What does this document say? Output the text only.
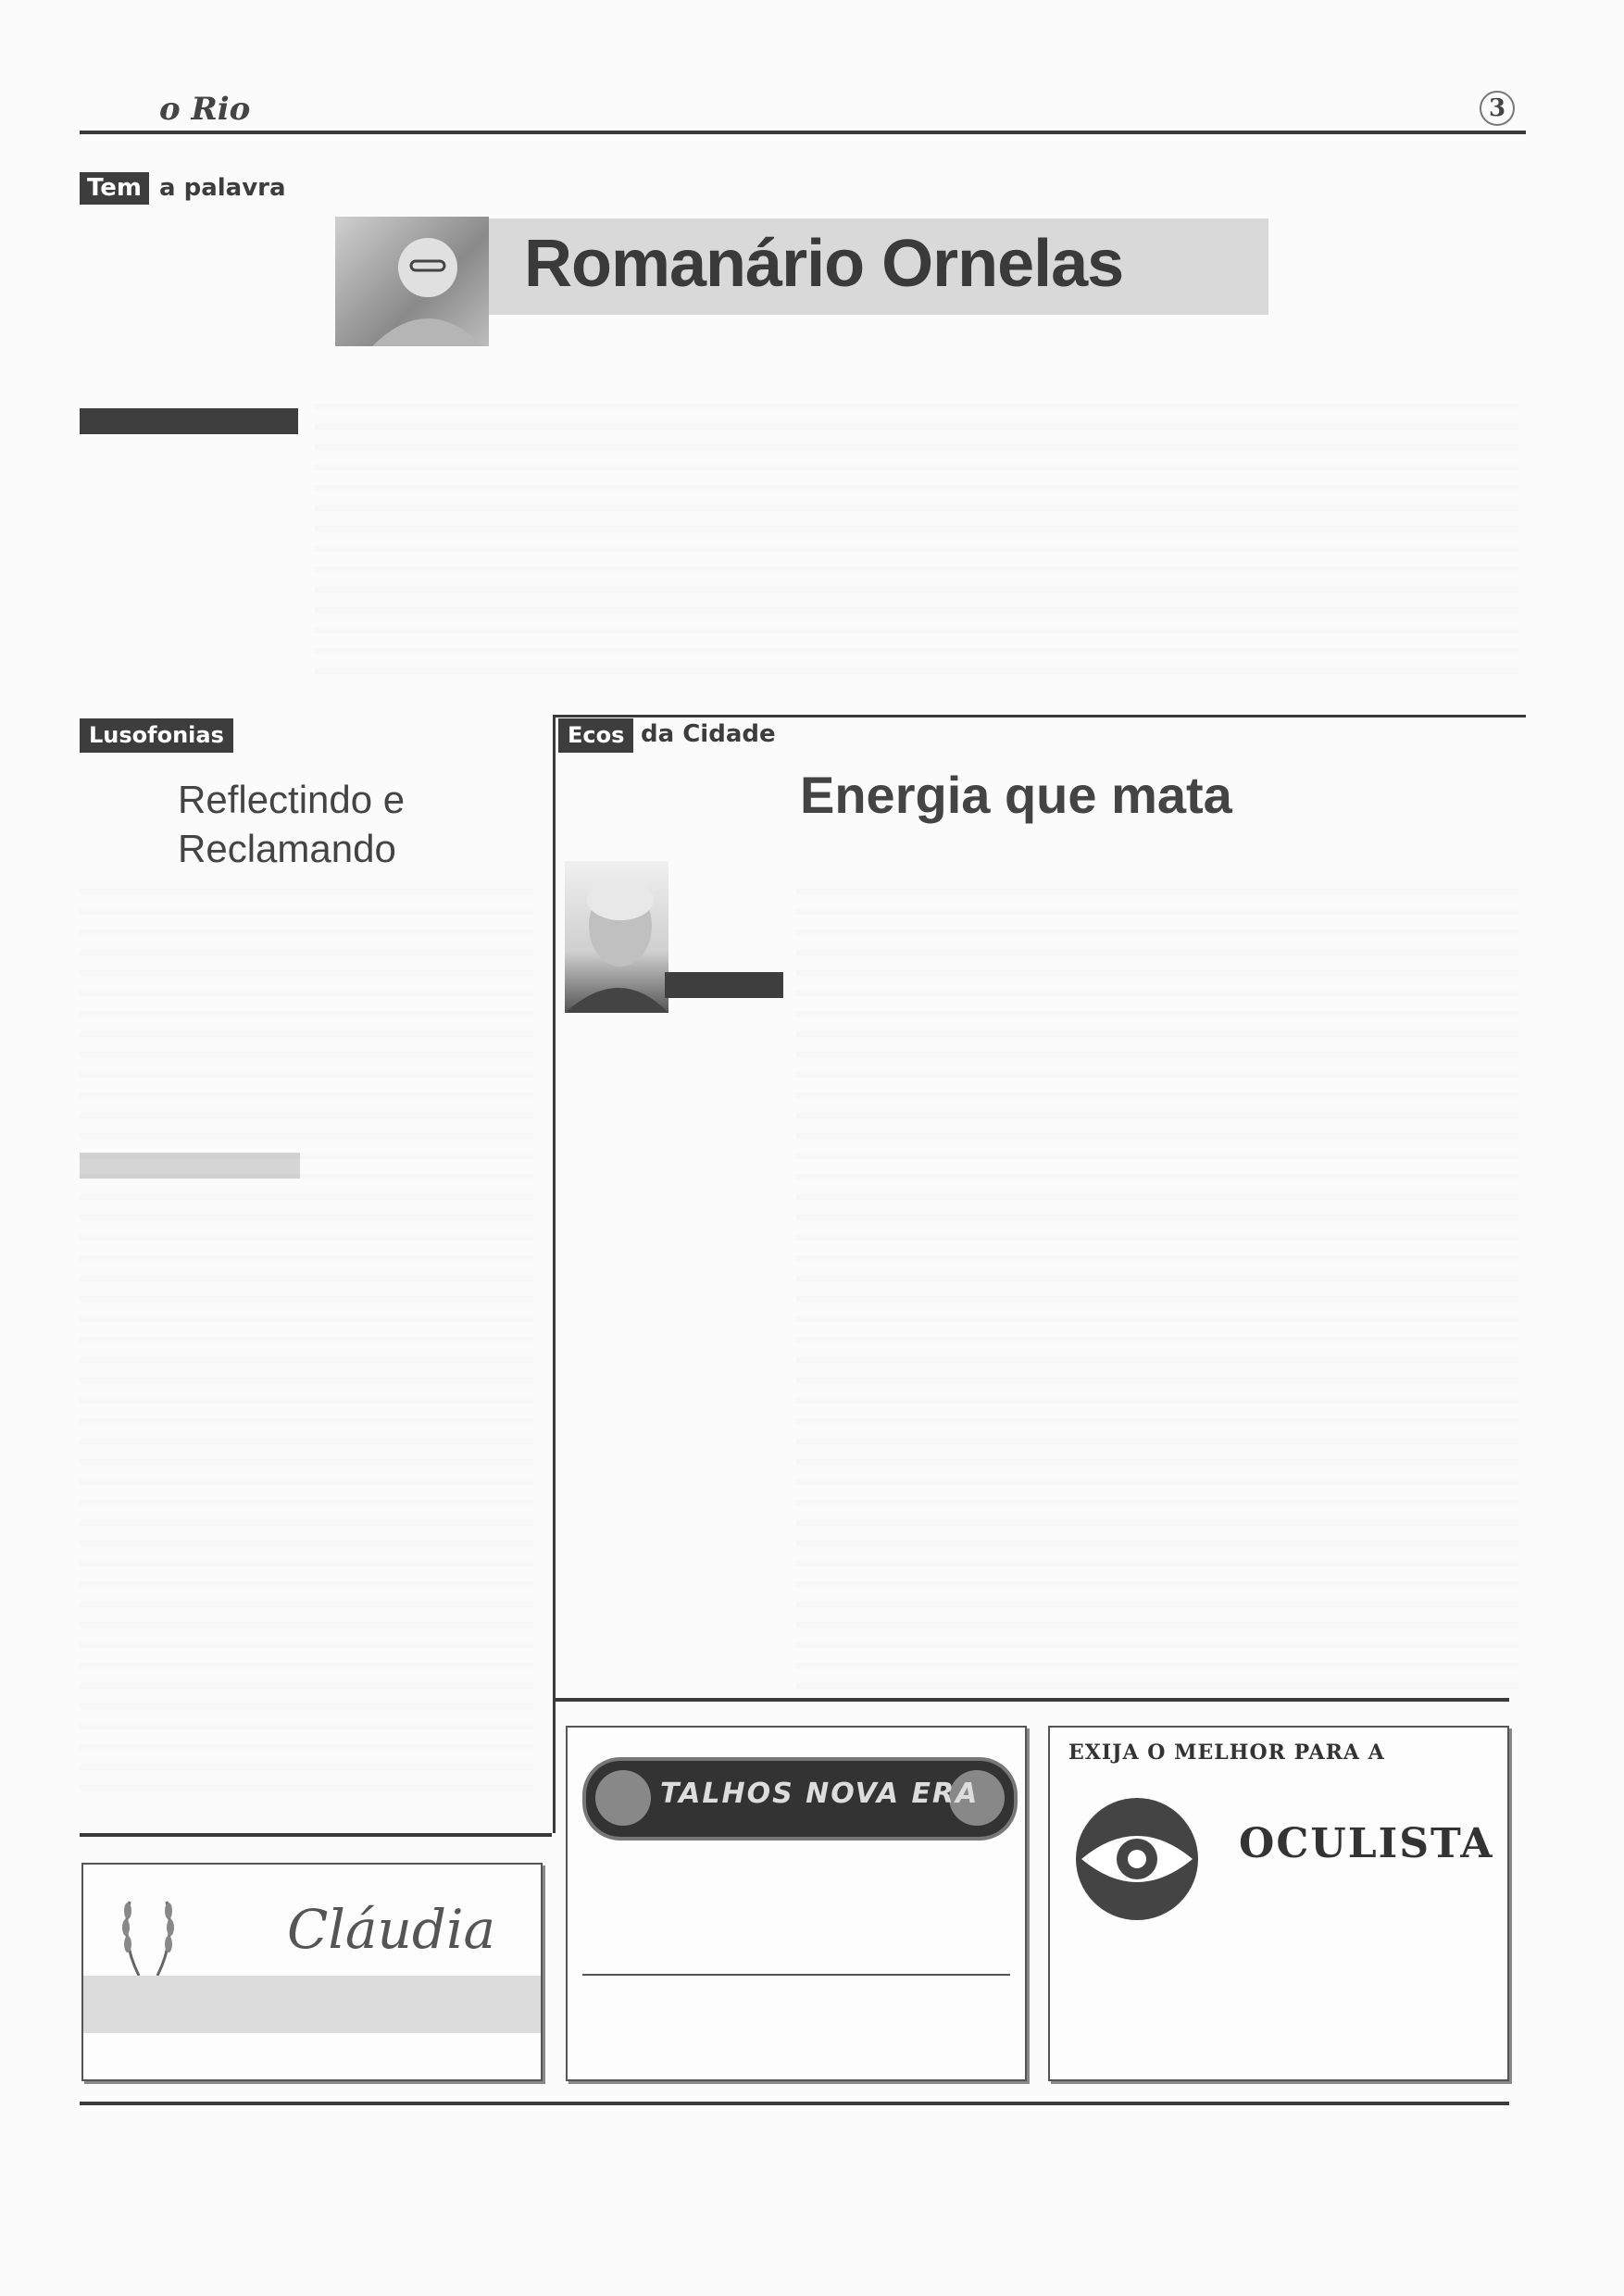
o Rio	3
Tem a palavra
Romanário Ornelas
Lusofonias
Reflectindo e
Reclamando
Ecos da Cidade
Energia que mata
Cláudia
TALHOS NOVA ERA
EXIJA O MELHOR PARA A
OCULISTA
